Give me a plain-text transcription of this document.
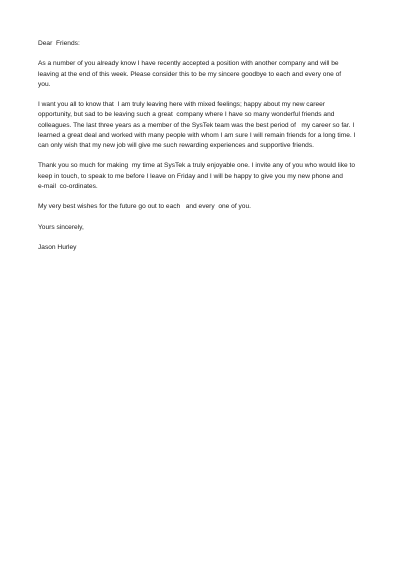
Dear  Friends:
As a number of you already know I have recently accepted a position with another company and will be
leaving at the end of this week. Please consider this to be my sincere goodbye to each and every one of
you.
I want you all to know that  I am truly leaving here with mixed feelings; happy about my new career
opportunity, but sad to be leaving such a great  company where I have so many wonderful friends and
colleagues. The last three years as a member of the SysTek team was the best period of   my career so far. I
learned a great deal and worked with many people with whom I am sure I will remain friends for a long time. I
can only wish that my new job will give me such rewarding experiences and supportive friends.
Thank you so much for making  my time at SysTek a truly enjoyable one. I invite any of you who would like to
keep in touch, to speak to me before I leave on Friday and I will be happy to give you my new phone and
e-mail  co-ordinates.
My very best wishes for the future go out to each   and every  one of you.
Yours sincerely,
Jason Hurley
